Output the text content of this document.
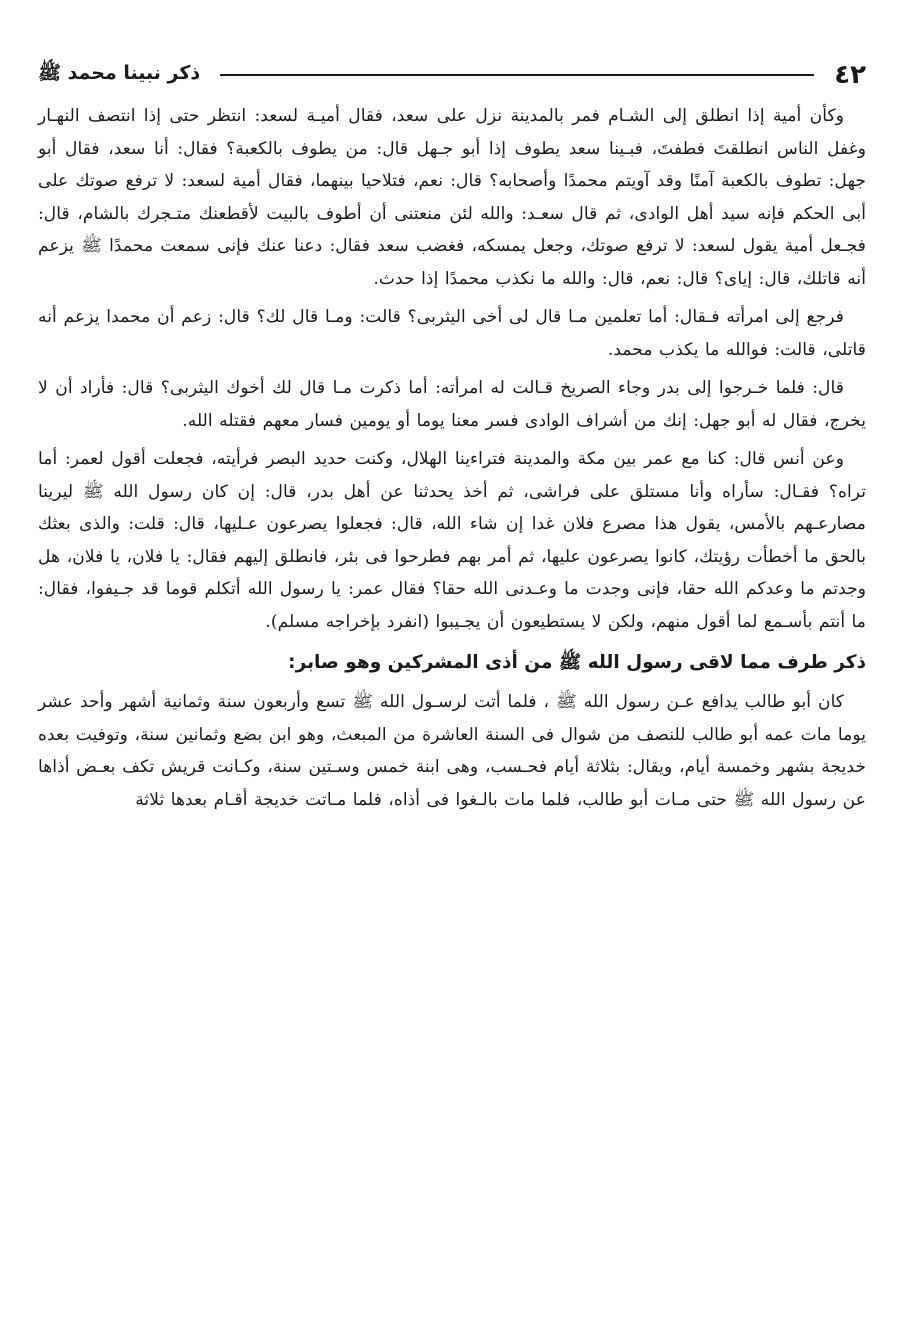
٤٢
ذكر نبينا محمد ﷺ

وكأن أمية إذا انطلق إلى الشـام فمر بالمدينة نزل على سعد، فقال أميـة لسعد: انتظر حتى إذا انتصف النهـار وغفل الناس انطلقتَ فطفتَ، فبـينا سعد يطوف إذا أبو جـهل قال: من يطوف بالكعبة؟ فقال: أنا سعد، فقال أبو جهل: تطوف بالكعبة آمنًا وقد آويتم محمدًا وأصحابه؟ قال: نعم، فتلاحيا بينهما، فقال أمية لسعد: لا ترفع صوتك على أبى الحكم فإنه سيد أهل الوادى، ثم قال سعـد: والله لئن منعتنى أن أطوف بالبيت لأقطعنك متـجرك بالشام، قال: فجـعل أمية يقول لسعد: لا ترفع صوتك، وجعل يمسكه، فغضب سعد فقال: دعنا عنك فإنى سمعت محمدًا ﷺ يزعم أنه قاتلك، قال: إياى؟ قال: نعم، قال: والله ما نكذب محمدًا إذا حدث.

فرجع إلى امرأته فـقال: أما تعلمين مـا قال لى أخى اليثربى؟ قالت: ومـا قال لك؟ قال: زعم أن محمدا يزعم أنه قاتلى، قالت: فوالله ما يكذب محمد.

قال: فلما خـرجوا إلى بدر وجاء الصريخ قـالت له امرأته: أما ذكرت مـا قال لك أخوك اليثربى؟ قال: فأراد أن لا يخرج، فقال له أبو جهل: إنك من أشراف الوادى فسر معنا يوما أو يومين فسار معهم فقتله الله.

وعن أنس قال: كنا مع عمر بين مكة والمدينة فتراءينا الهلال، وكنت حديد البصر فرأيته، فجعلت أقول لعمر: أما تراه؟ فقـال: سأراه وأنا مستلق على فراشى، ثم أخذ يحدثنا عن أهل بدر، قال: إن كان رسول الله ﷺ ليرينا مصارعـهم بالأمس، يقول هذا مصرع فلان غدا إن شاء الله، قال: فجعلوا يصرعون عـليها، قال: قلت: والذى بعثك بالحق ما أخطأت رؤيتك، كانوا يصرعون عليها، ثم أمر بهم فطرحوا فى بئر، فانطلق إليهم فقال: يا فلان، يا فلان، هل وجدتم ما وعدكم الله حقا، فإنى وجدت ما وعـدنى الله حقا؟ فقال عمر: يا رسول الله أتكلم قوما قد جـيفوا، فقال: ما أنتم بأسـمع لما أقول منهم، ولكن لا يستطيعون أن يجـيبوا (انفرد بإخراجه مسلم).

ذكر طرف مما لاقى رسول الله ﷺ من أذى المشركين وهو صابر:

كان أبو طالب يدافع عـن رسول الله ﷺ ، فلما أتت لرسـول الله ﷺ تسع وأربعون سنة وثمانية أشهر وأحد عشر يوما مات عمه أبو طالب للنصف من شوال فى السنة العاشرة من المبعث، وهو ابن بضع وثمانين سنة، وتوفيت بعده خديجة بشهر وخمسة أيام، ويقال: بثلاثة أيام فحـسب، وهى ابنة خمس وسـتين سنة، وكـانت قريش تكف بعـض أذاها عن رسول الله ﷺ حتى مـات أبو طالب، فلما مات بالـغوا فى أذاه، فلما مـاتت خديجة أقـام بعدها ثلاثة
